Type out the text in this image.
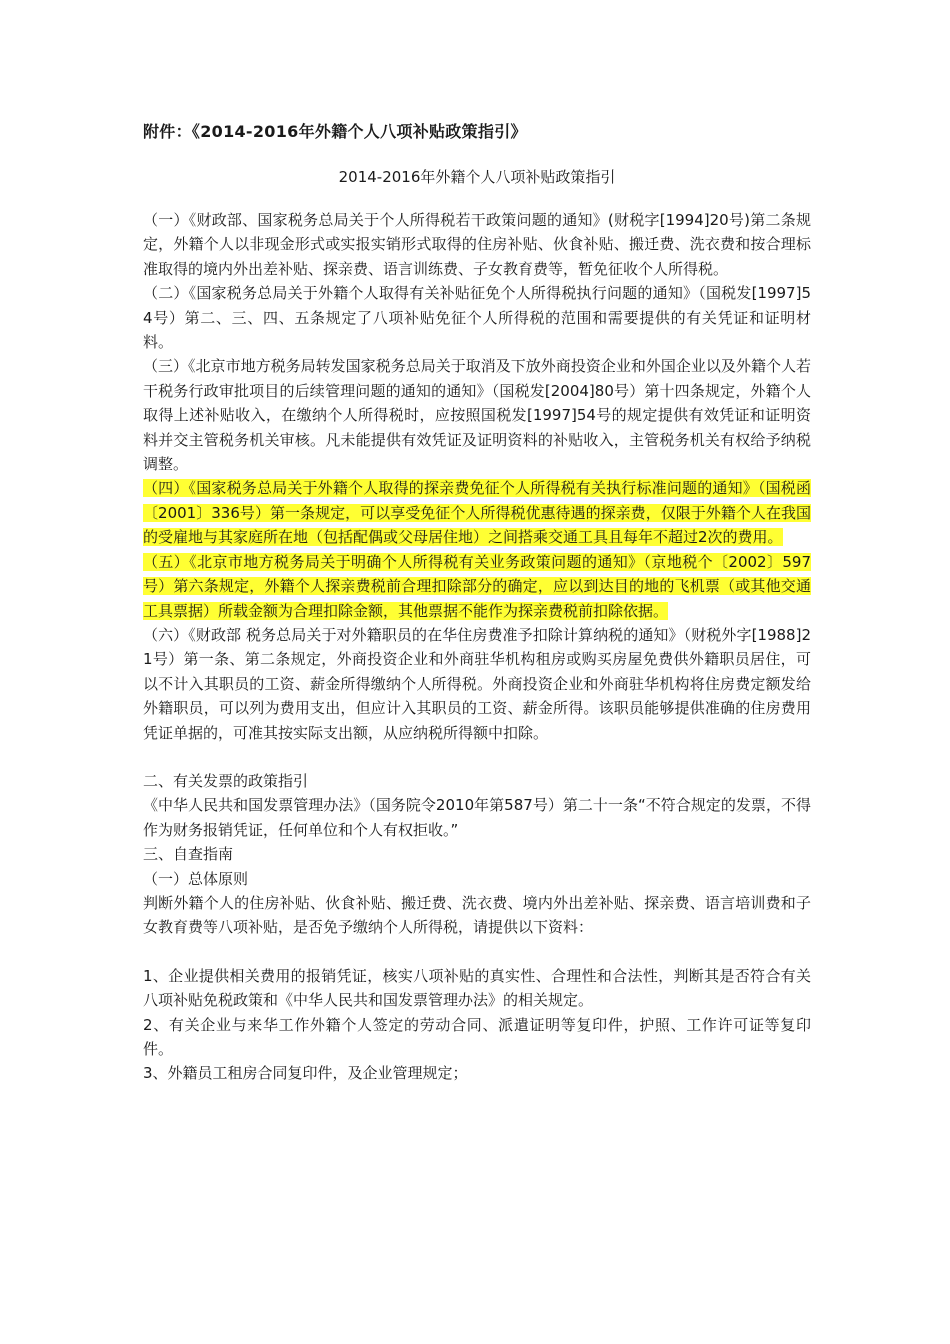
附件：《2014-2016年外籍个人八项补贴政策指引》
2014-2016年外籍个人八项补贴政策指引

（一）《财政部、国家税务总局关于个人所得税若干政策问题的通知》(财税字[1994]20号)第二条规定，外籍个人以非现金形式或实报实销形式取得的住房补贴、伙食补贴、搬迁费、洗衣费和按合理标准取得的境内外出差补贴、探亲费、语言训练费、子女教育费等，暂免征收个人所得税。

（二）《国家税务总局关于外籍个人取得有关补贴征免个人所得税执行问题的通知》（国税发[1997]54号）第二、三、四、五条规定了八项补贴免征个人所得税的范围和需要提供的有关凭证和证明材料。

（三）《北京市地方税务局转发国家税务总局关于取消及下放外商投资企业和外国企业以及外籍个人若干税务行政审批项目的后续管理问题的通知的通知》（国税发[2004]80号）第十四条规定，外籍个人取得上述补贴收入，在缴纳个人所得税时，应按照国税发[1997]54号的规定提供有效凭证和证明资料并交主管税务机关审核。凡未能提供有效凭证及证明资料的补贴收入，主管税务机关有权给予纳税调整。

（四）《国家税务总局关于外籍个人取得的探亲费免征个人所得税有关执行标准问题的通知》（国税函〔2001〕336号）第一条规定，可以享受免征个人所得税优惠待遇的探亲费，仅限于外籍个人在我国的受雇地与其家庭所在地（包括配偶或父母居住地）之间搭乘交通工具且每年不超过2次的费用。

（五）《北京市地方税务局关于明确个人所得税有关业务政策问题的通知》（京地税个〔2002〕597号）第六条规定，外籍个人探亲费税前合理扣除部分的确定，应以到达目的地的飞机票（或其他交通工具票据）所载金额为合理扣除金额，其他票据不能作为探亲费税前扣除依据。

（六）《财政部 税务总局关于对外籍职员的在华住房费准予扣除计算纳税的通知》（财税外字[1988]21号）第一条、第二条规定，外商投资企业和外商驻华机构租房或购买房屋免费供外籍职员居住，可以不计入其职员的工资、薪金所得缴纳个人所得税。外商投资企业和外商驻华机构将住房费定额发给外籍职员，可以列为费用支出，但应计入其职员的工资、薪金所得。该职员能够提供准确的住房费用凭证单据的，可准其按实际支出额，从应纳税所得额中扣除。

二、有关发票的政策指引

《中华人民共和国发票管理办法》（国务院令2010年第587号）第二十一条“不符合规定的发票，不得作为财务报销凭证，任何单位和个人有权拒收。”

三、自查指南

（一）总体原则

判断外籍个人的住房补贴、伙食补贴、搬迁费、洗衣费、境内外出差补贴、探亲费、语言培训费和子女教育费等八项补贴，是否免予缴纳个人所得税，请提供以下资料：

1、企业提供相关费用的报销凭证，核实八项补贴的真实性、合理性和合法性，判断其是否符合有关八项补贴免税政策和《中华人民共和国发票管理办法》的相关规定。

2、有关企业与来华工作外籍个人签定的劳动合同、派遣证明等复印件，护照、工作许可证等复印件。

3、外籍员工租房合同复印件，及企业管理规定；
